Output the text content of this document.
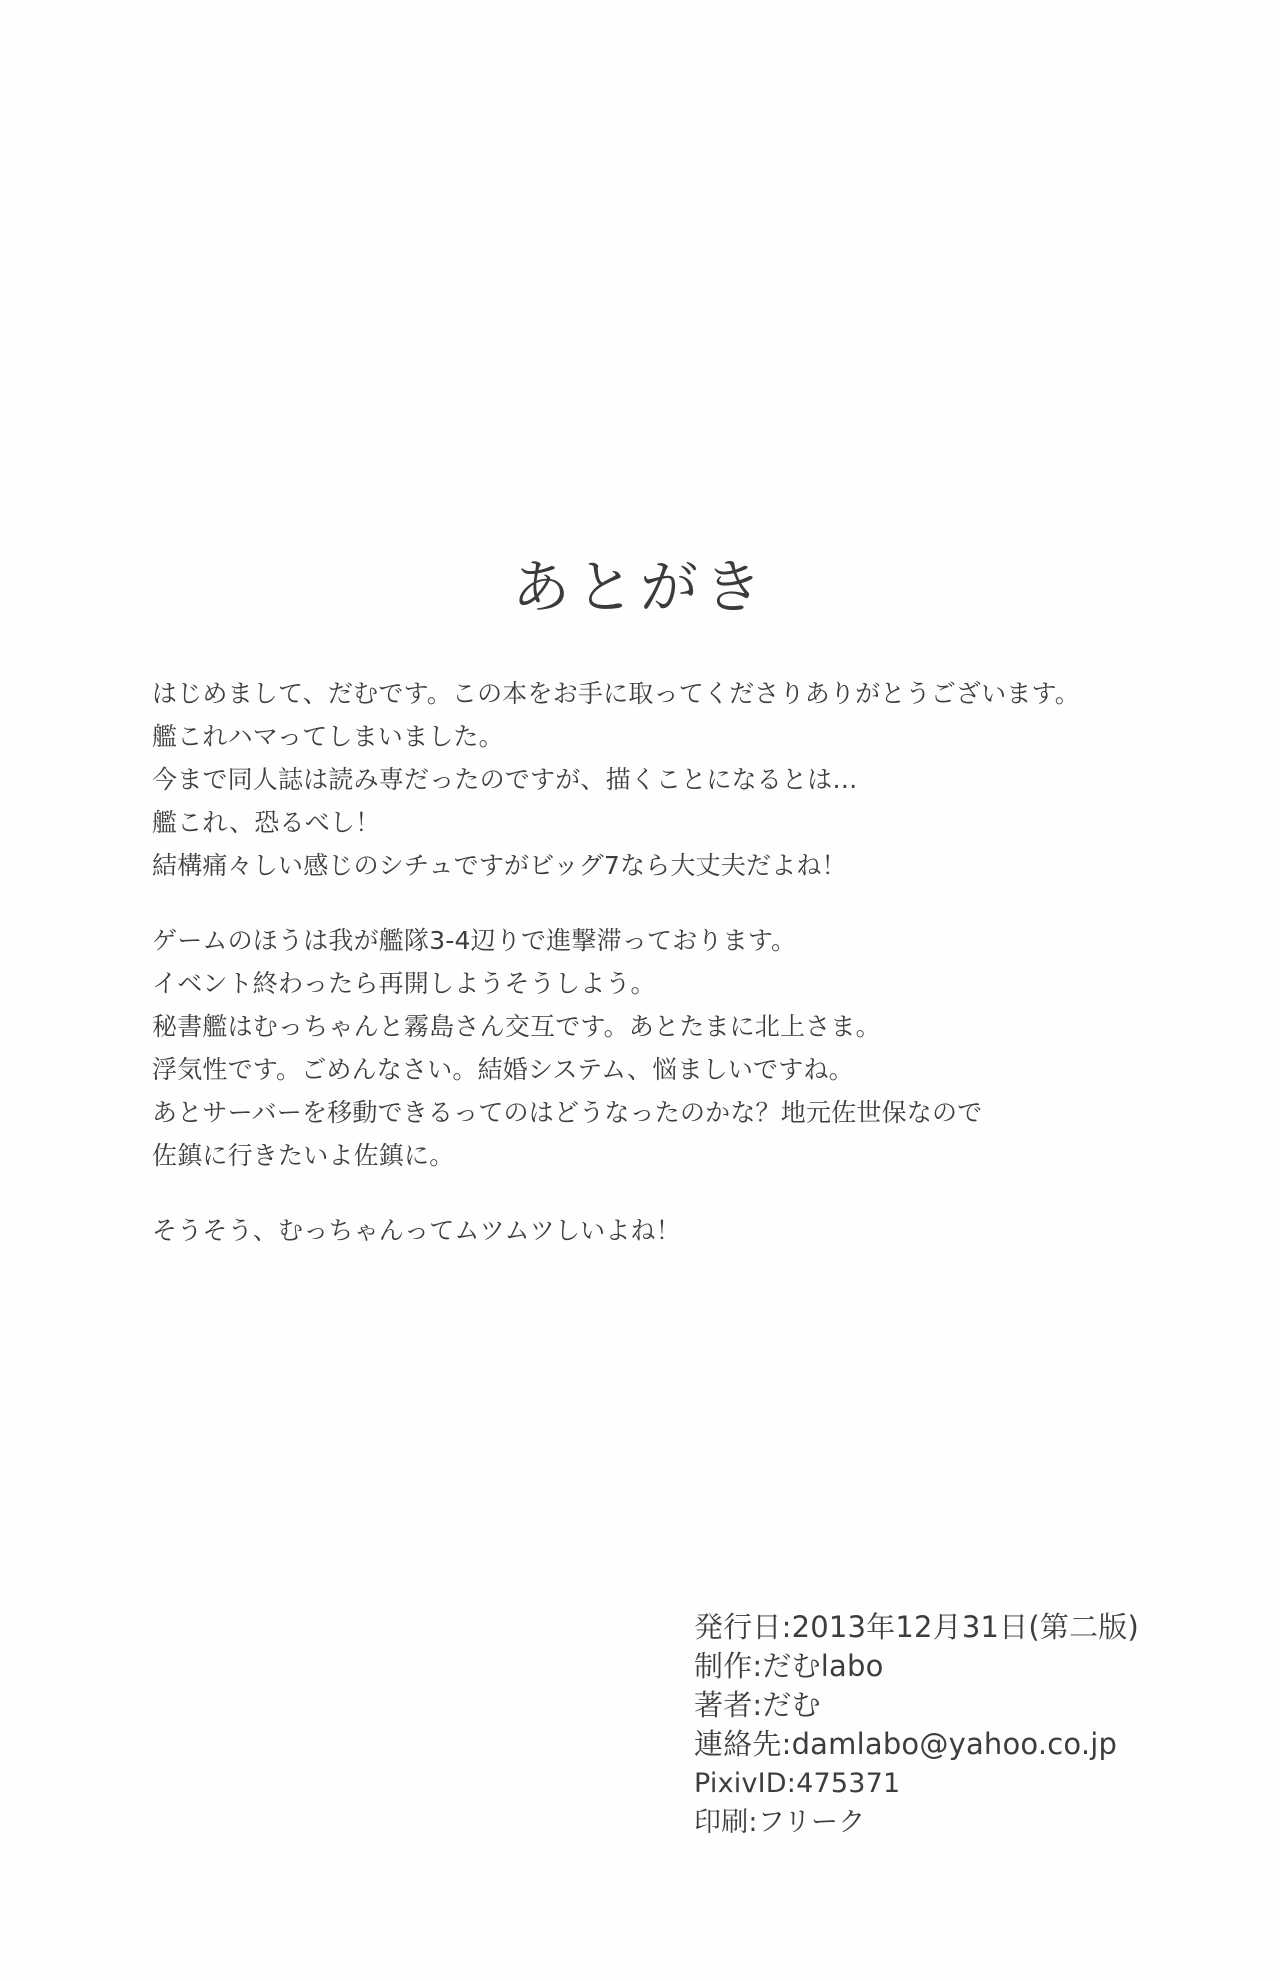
あとがき
はじめまして、だむです。この本をお手に取ってくださりありがとうございます。
艦これハマってしまいました。
今まで同人誌は読み専だったのですが、描くことになるとは…
艦これ、恐るべし！
結構痛々しい感じのシチュですがビッグ7なら大丈夫だよね！
ゲームのほうは我が艦隊3-4辺りで進撃滞っております。
イベント終わったら再開しようそうしよう。
秘書艦はむっちゃんと霧島さん交互です。あとたまに北上さま。
浮気性です。ごめんなさい。結婚システム、悩ましいですね。
あとサーバーを移動できるってのはどうなったのかな？地元佐世保なので
佐鎮に行きたいよ佐鎮に。
そうそう、むっちゃんってムツムツしいよね！
発行日:2013年12月31日(第二版)
制作:だむlabo
著者:だむ
連絡先:damlabo@yahoo.co.jp
PixivID:475371
印刷:フリーク
